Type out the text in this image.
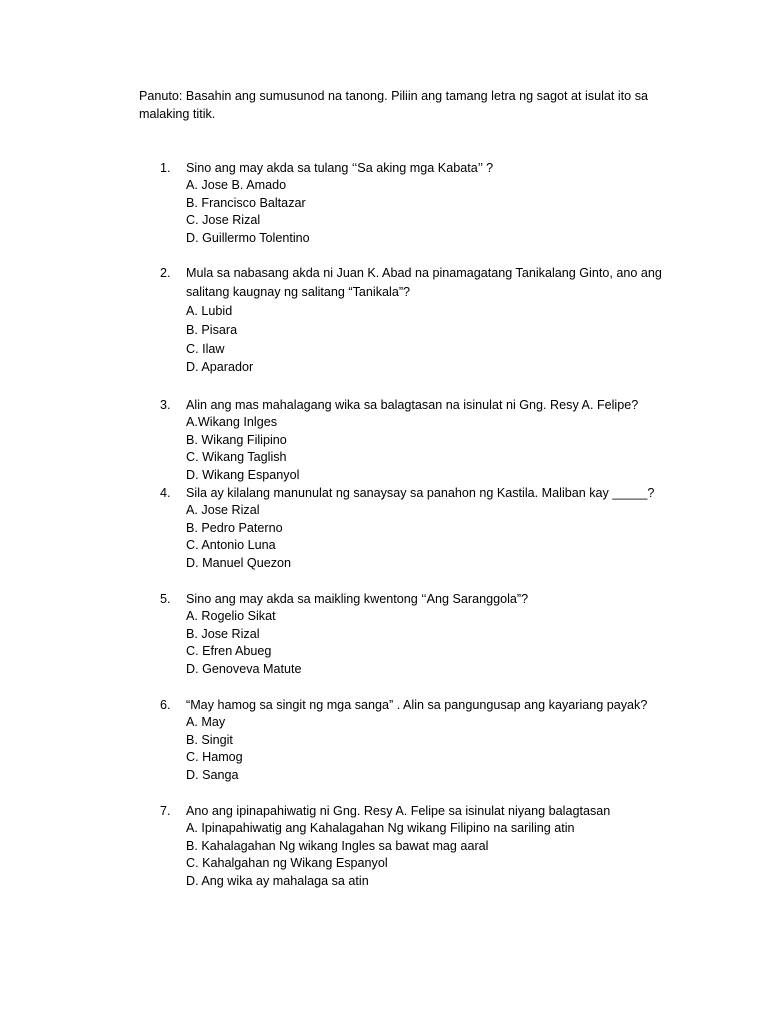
Panuto: Basahin ang sumusunod na tanong. Piliin ang tamang letra ng sagot at isulat ito sa malaking titik.
1.	Sino ang may akda sa tulang ‘‘Sa aking mga Kabata’’ ?
A. Jose B. Amado
B. Francisco Baltazar
C. Jose Rizal
D. Guillermo Tolentino
2.	Mula sa nabasang akda ni Juan K. Abad na pinamagatang Tanikalang Ginto, ano ang salitang kaugnay ng salitang “Tanikala”?
A. Lubid
B. Pisara
C. Ilaw
D. Aparador
3.	Alin ang mas mahalagang wika sa balagtasan na isinulat ni Gng. Resy A. Felipe?
A.Wikang Inlges
B. Wikang Filipino
C. Wikang Taglish
D. Wikang Espanyol
4.	Sila ay kilalang manunulat ng sanaysay sa panahon ng Kastila. Maliban kay _____?
A. Jose Rizal
B. Pedro Paterno
C. Antonio Luna
D. Manuel Quezon
5.	Sino ang may akda sa maikling kwentong ‘‘Ang Saranggola”?
A. Rogelio Sikat
B. Jose Rizal
C. Efren Abueg
D. Genoveva Matute
6.	“May hamog sa singit ng mga sanga” . Alin sa pangungusap ang kayariang payak?
A. May
B. Singit
C. Hamog
D. Sanga
7.	Ano ang ipinapahiwatig ni Gng. Resy A. Felipe sa isinulat niyang balagtasan
A. Ipinapahiwatig ang Kahalagahan Ng wikang Filipino na sariling atin
B. Kahalagahan Ng wikang Ingles sa bawat mag aaral
C. Kahalgahan ng Wikang Espanyol
D. Ang wika ay mahalaga sa atin
